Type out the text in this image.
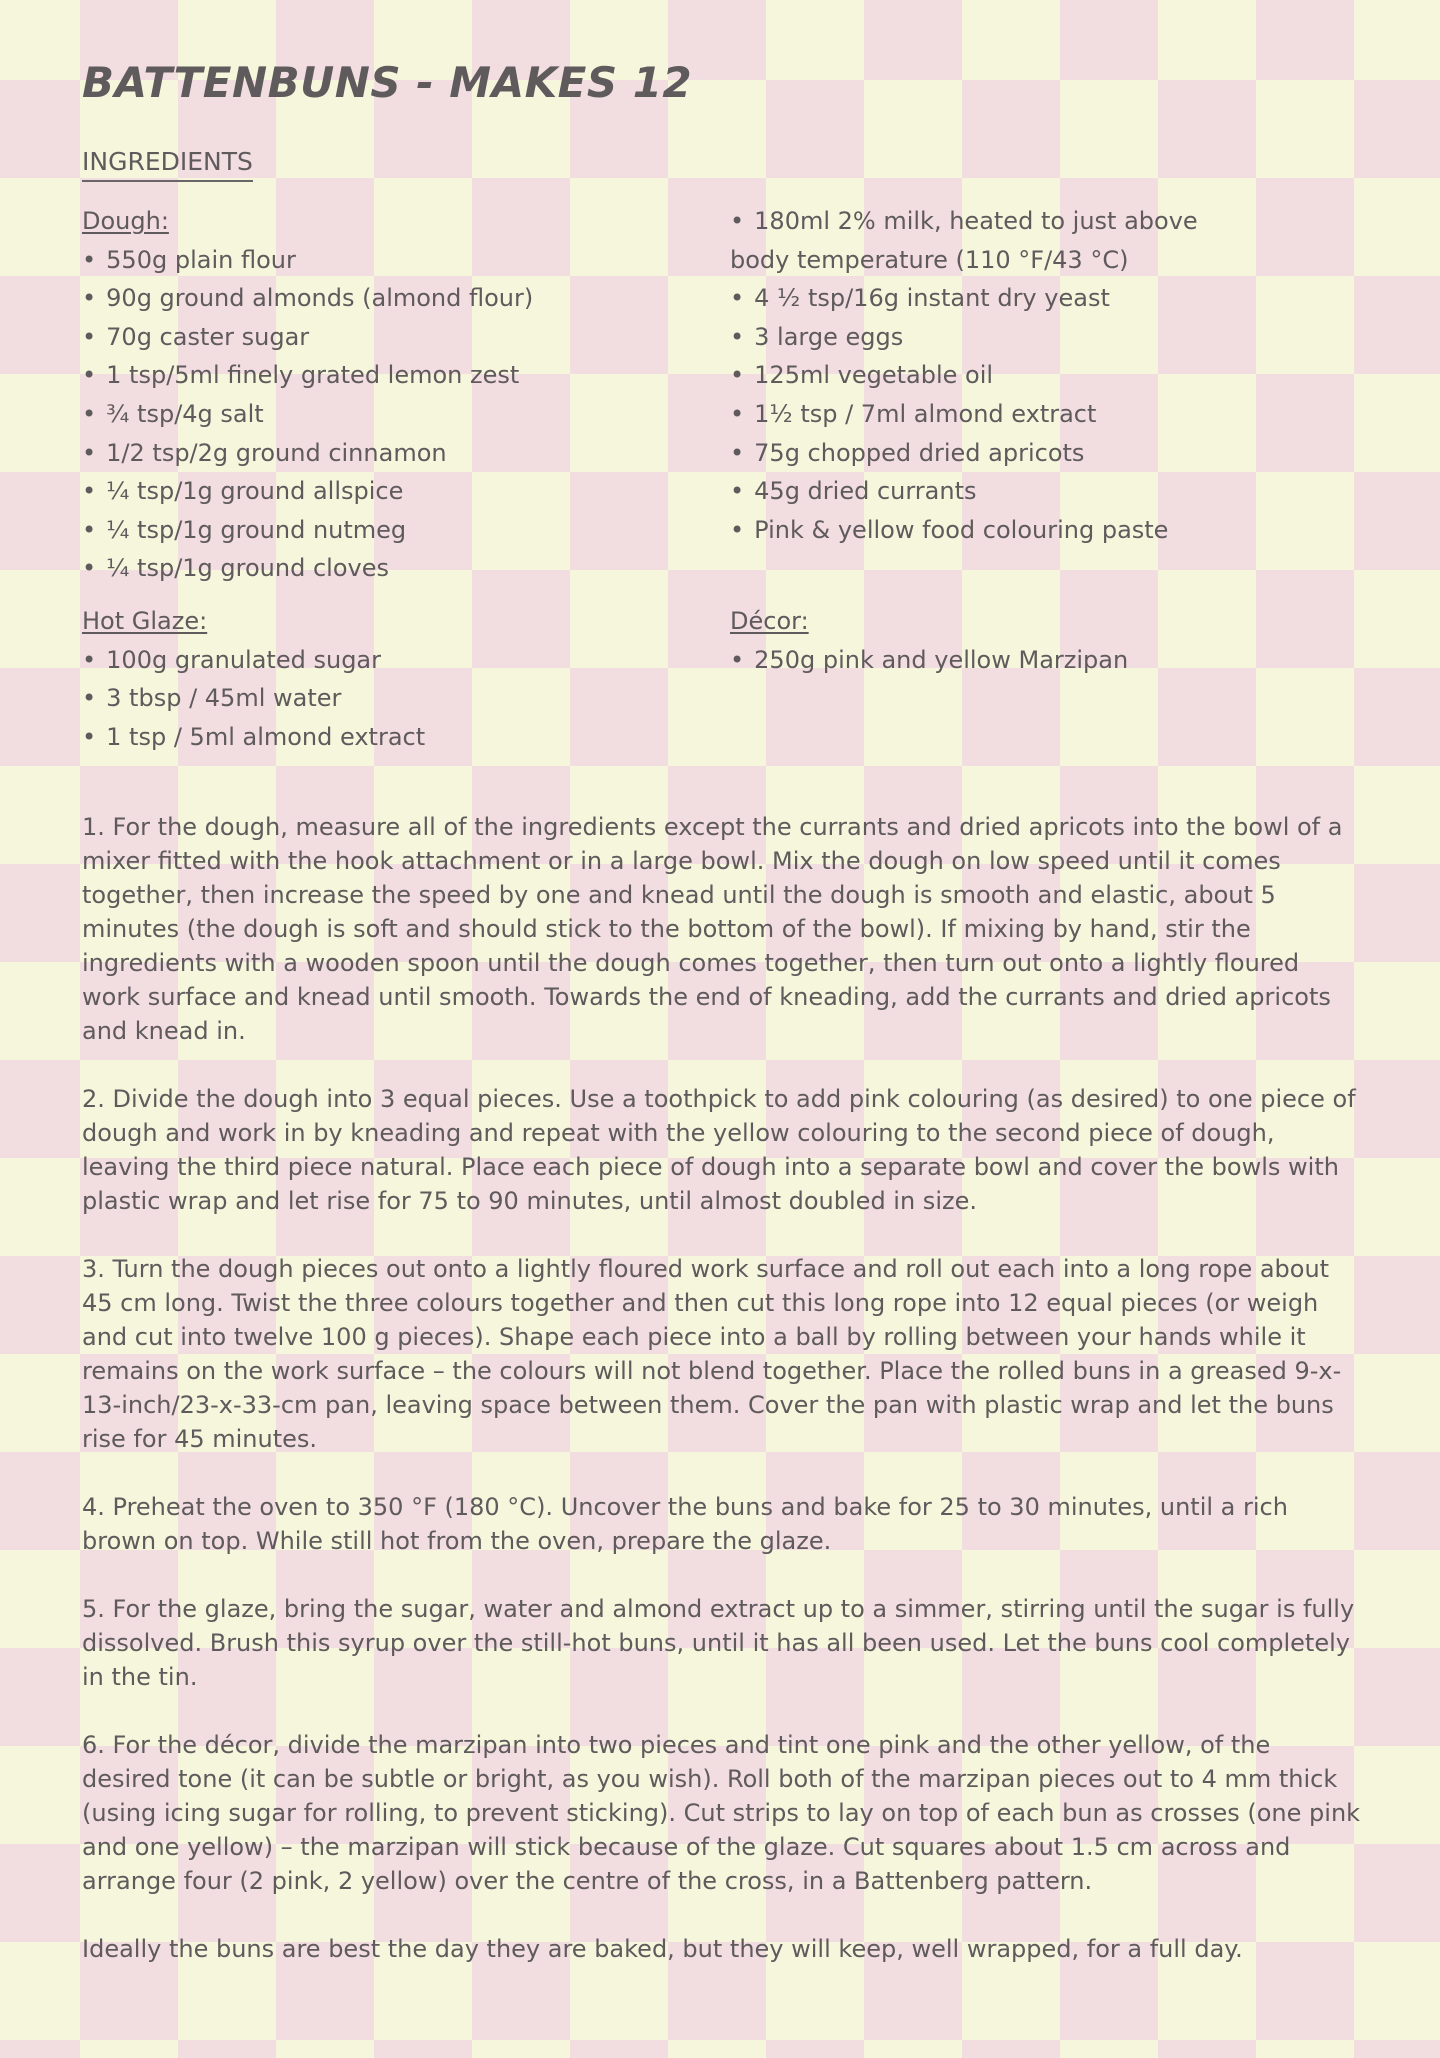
BATTENBUNS - MAKES 12
INGREDIENTS
Dough:
• 550g plain flour
• 90g ground almonds (almond flour)
• 70g caster sugar
• 1 tsp/5ml finely grated lemon zest
• ¾ tsp/4g salt
• 1/2 tsp/2g ground cinnamon
• ¼ tsp/1g ground allspice
• ¼ tsp/1g ground nutmeg
• ¼ tsp/1g ground cloves
Hot Glaze:
• 100g granulated sugar
• 3 tbsp / 45ml water
• 1 tsp / 5ml almond extract
• 180ml 2% milk, heated to just above
body temperature (110 °F/43 °C)
• 4 ½ tsp/16g instant dry yeast
• 3 large eggs
• 125ml vegetable oil
• 1½ tsp / 7ml almond extract
• 75g chopped dried apricots
• 45g dried currants
• Pink & yellow food colouring paste
Décor:
• 250g pink and yellow Marzipan

1. For the dough, measure all of the ingredients except the currants and dried apricots into the bowl of a mixer fitted with the hook attachment or in a large bowl. Mix the dough on low speed until it comes together, then increase the speed by one and knead until the dough is smooth and elastic, about 5 minutes (the dough is soft and should stick to the bottom of the bowl). If mixing by hand, stir the ingredients with a wooden spoon until the dough comes together, then turn out onto a lightly floured work surface and knead until smooth. Towards the end of kneading, add the currants and dried apricots and knead in.

2. Divide the dough into 3 equal pieces. Use a toothpick to add pink colouring (as desired) to one piece of dough and work in by kneading and repeat with the yellow colouring to the second piece of dough, leaving the third piece natural. Place each piece of dough into a separate bowl and cover the bowls with plastic wrap and let rise for 75 to 90 minutes, until almost doubled in size.

3. Turn the dough pieces out onto a lightly floured work surface and roll out each into a long rope about 45 cm long. Twist the three colours together and then cut this long rope into 12 equal pieces (or weigh and cut into twelve 100 g pieces). Shape each piece into a ball by rolling between your hands while it remains on the work surface – the colours will not blend together. Place the rolled buns in a greased 9-x-13-inch/23-x-33-cm pan, leaving space between them. Cover the pan with plastic wrap and let the buns rise for 45 minutes.

4. Preheat the oven to 350 °F (180 °C). Uncover the buns and bake for 25 to 30 minutes, until a rich brown on top. While still hot from the oven, prepare the glaze.

5. For the glaze, bring the sugar, water and almond extract up to a simmer, stirring until the sugar is fully dissolved. Brush this syrup over the still-hot buns, until it has all been used. Let the buns cool completely in the tin.

6. For the décor, divide the marzipan into two pieces and tint one pink and the other yellow, of the desired tone (it can be subtle or bright, as you wish). Roll both of the marzipan pieces out to 4 mm thick (using icing sugar for rolling, to prevent sticking). Cut strips to lay on top of each bun as crosses (one pink and one yellow) – the marzipan will stick because of the glaze. Cut squares about 1.5 cm across and arrange four (2 pink, 2 yellow) over the centre of the cross, in a Battenberg pattern.

Ideally the buns are best the day they are baked, but they will keep, well wrapped, for a full day.
